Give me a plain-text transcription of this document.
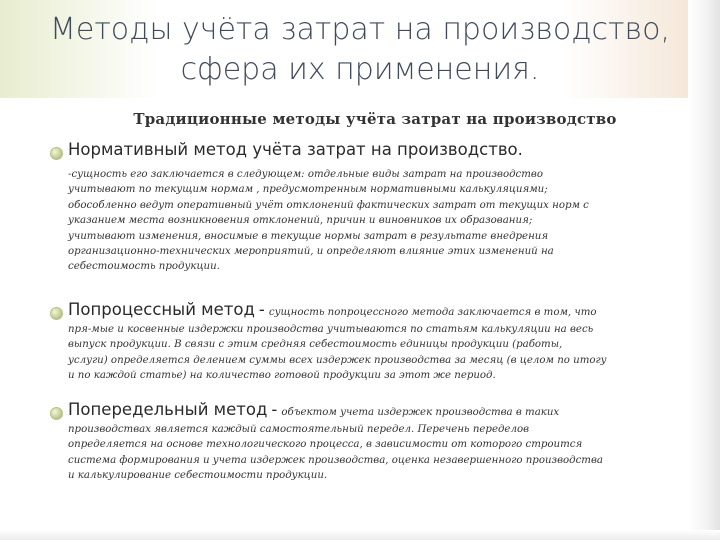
Методы учёта затрат на производство,
сфера их применения.

Традиционные методы учёта затрат на производство

Нормативный метод учёта затрат на производство.

-сущность его заключается в следующем: отдельные виды затрат на производство
учитывают по текущим нормам , предусмотренным нормативными калькуляциями;
обособленно ведут оперативный учёт отклонений фактических затрат от текущих норм с
указанием места возникновения отклонений, причин и виновников их образования;
учитывают изменения, вносимые в текущие нормы затрат в результате внедрения
организационно-технических мероприятий, и определяют влияние этих изменений на
себестоимость продукции.

Попроцессный метод - сущность попроцессного метода заключается в том, что

пря-мые и косвенные издержки производства учитываются по статьям калькуляции на весь
выпуск продукции. В связи с этим средняя себестоимость единицы продукции (работы,
услуги) определяется делением суммы всех издержек производства за месяц (в целом по итогу
и по каждой статье) на количество готовой продукции за этот же период.

Попередельный метод - объектом учета издержек производства в таких

производствах является каждый самостоятельный передел. Перечень переделов
определяется на основе технологического процесса, в зависимости от которого строится
система формирования и учета издержек производства, оценка незавершенного производства
и калькулирование себестоимости продукции.
